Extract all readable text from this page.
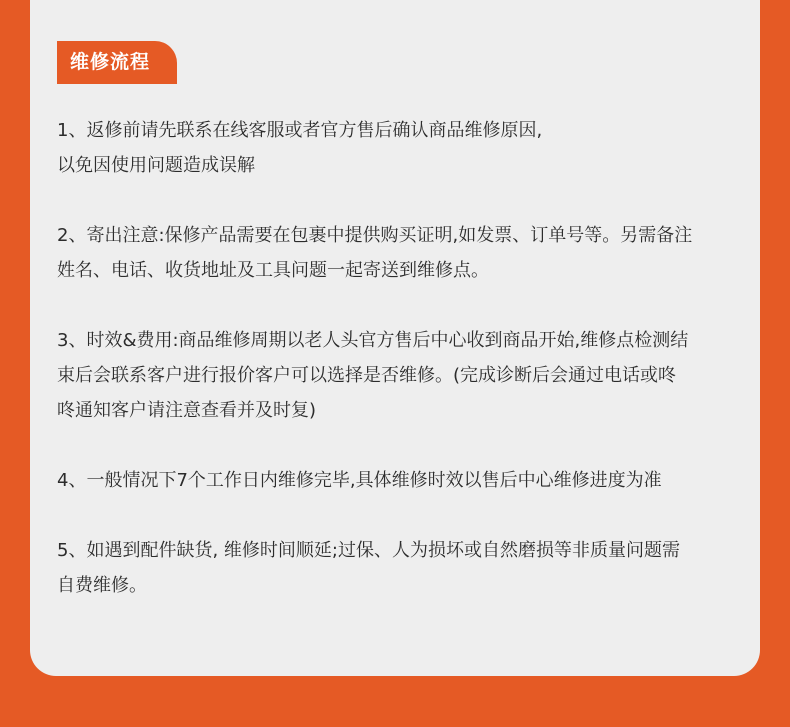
维修流程
1、返修前请先联系在线客服或者官方售后确认商品维修原因,
以免因使用问题造成误解
2、寄出注意:保修产品需要在包裹中提供购买证明,如发票、订单号等。另需备注
姓名、电话、收货地址及工具问题一起寄送到维修点。
3、时效&费用:商品维修周期以老人头官方售后中心收到商品开始,维修点检测结
束后会联系客户进行报价客户可以选择是否维修。(完成诊断后会通过电话或咚
咚通知客户请注意查看并及时复)
4、一般情况下7个工作日内维修完毕,具体维修时效以售后中心维修进度为准
5、如遇到配件缺货, 维修时间顺延;过保、人为损坏或自然磨损等非质量问题需
自费维修。
